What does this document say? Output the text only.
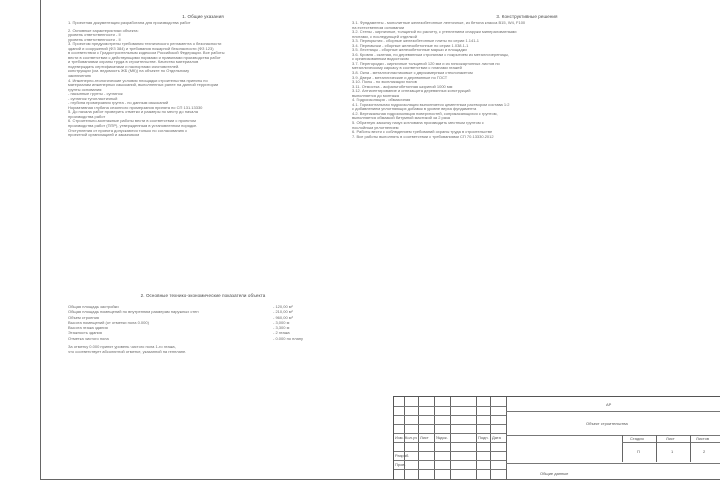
1. Общие указания
1. Проектная документация разработана для производства работ
2. Основные характеристики объекта:
уровень ответственности - II
уровень ответственности - II
3. Проектом предусмотрены требования технического регламента о безопасности
зданий и сооружений (ФЗ 384) и требования пожарной безопасности (ФЗ 123)
в соответствии с Градостроительным кодексом Российской Федерации. Все работы
вести в соответствии с действующими нормами и правилами производства работ
и требованиями охраны труда в строительстве. Качество материалов
подтверждать сертификатами и паспортами изготовителей.
конструкции (см. ведомость ЖБ (МК)) на объекте по Отдельному
заключению
4. Инженерно-геологические условия площадки строительства приняты по
материалам инженерных изысканий, выполненных ранее на данной территории
грунты основания:
- насыпные грунты - суглинок
- суглинок тугопластичный
- глубина промерзания грунта - по данным изысканий
Нормативная глубина сезонного промерзания принята по СП 131.13330
5. До начала работ проверить отметки и размеры по месту до начала
производства работ
6. Строительно-монтажные работы вести в соответствии с проектом
производства работ (ППР), утвержденным в установленном порядке.
Отступления от проекта допускаются только по согласованию с
проектной организацией и заказчиком
3. Конструктивные решения
3.1. Фундаменты - монолитные железобетонные ленточные, из бетона класса В15, W4, F100
на естественном основании
3.2. Стены - кирпичные, толщиной по расчету, с утеплением снаружи минераловатными
плитами, с последующей отделкой
3.3. Перекрытия - сборные железобетонные плиты по серии 1.141-1
3.4. Перемычки - сборные железобетонные по серии 1.038.1-1
3.5. Лестницы - сборные железобетонные марши и площадки
3.6. Кровля - скатная, по деревянным стропилам с покрытием из металлочерепицы,
с организованным водостоком
3.7. Перегородки - кирпичные толщиной 120 мм и из гипсокартонных листов по
металлическому каркасу в соответствии с планами этажей
3.8. Окна - металлопластиковые с двухкамерным стеклопакетом
3.9. Двери - металлические и деревянные по ГОСТ
3.10. Полы - по экспликации полов
3.11. Отмостка - асфальтобетонная шириной 1000 мм
3.12. Антисептирование и огнезащита деревянных конструкций
выполняется до монтажа
4. Гидроизоляция - обмазочная
4.1. Горизонтальная гидроизоляция выполняется цементным раствором состава 1:2
с добавлением уплотняющих добавок в уровне верха фундамента
4.2. Вертикальная гидроизоляция поверхностей, соприкасающихся с грунтом,
выполняется обмазкой битумной мастикой за 2 раза
5. Обратную засыпку пазух котлована производить местным грунтом с
послойным уплотнением
6. Работы вести с соблюдением требований охраны труда в строительстве
7. Все работы выполнять в соответствии с требованиями СП 70.13330.2012
2. Основные технико-экономические показатели объекта
Общая площадь застройки	- 120,00 м²
Общая площадь помещений по внутренним размерам наружных стен	- 210,00 м²
Объем строения	- 960,00 м³
Высота помещений (от отметки пола 0.000)	- 3,000 м
Высота этажа здания	- 3,300 м
Этажность здания	- 2 этажа
Отметка чистого пола	- 0.000 по плану
За отметку 0.000 принят уровень чистого пола 1-го этажа,
что соответствует абсолютной отметке, указанной на генплане.
Изм. Кол.уч Лист №док.	Подп. Дата
Разраб.
Пров.
АР
Объект строительства
Стадия	Лист	Листов
П	1	2
Общие данные
